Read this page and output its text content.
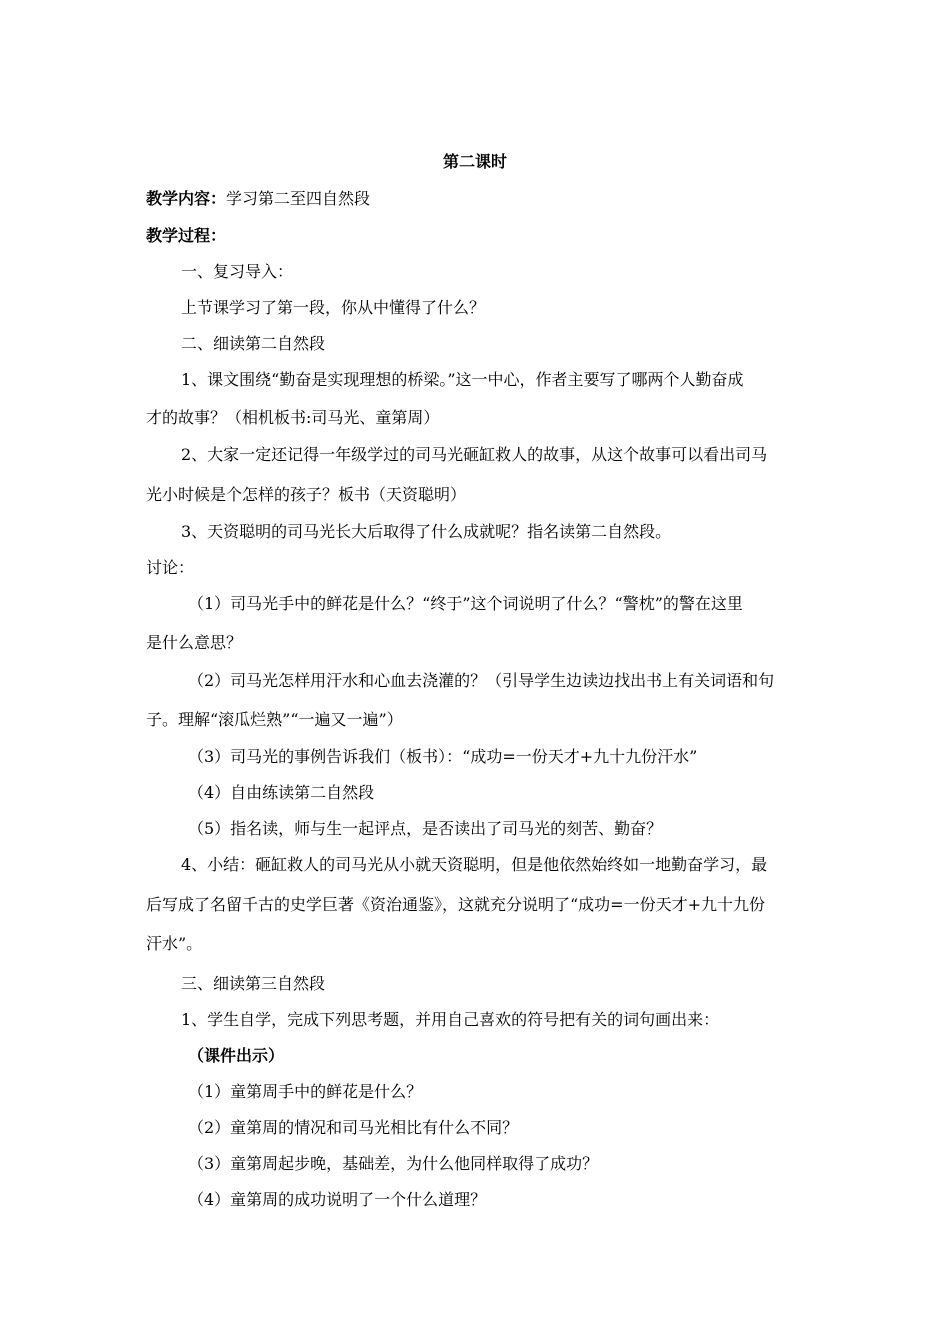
第二课时
教学内容：学习第二至四自然段
教学过程：
一、复习导入：
上节课学习了第一段，你从中懂得了什么？
二、细读第二自然段
1、课文围绕“勤奋是实现理想的桥梁。”这一中心，作者主要写了哪两个人勤奋成
才的故事？（相机板书:司马光、童第周）
2、大家一定还记得一年级学过的司马光砸缸救人的故事，从这个故事可以看出司马
光小时候是个怎样的孩子？板书（天资聪明）
3、天资聪明的司马光长大后取得了什么成就呢？指名读第二自然段。
讨论：
（1）司马光手中的鲜花是什么？“终于”这个词说明了什么？“警枕”的警在这里
是什么意思？
（2）司马光怎样用汗水和心血去浇灌的？（引导学生边读边找出书上有关词语和句
子。理解“滚瓜烂熟”“一遍又一遍”）
（3）司马光的事例告诉我们（板书）：“成功=一份天才+九十九份汗水”
（4）自由练读第二自然段
（5）指名读，师与生一起评点，是否读出了司马光的刻苦、勤奋？
4、小结：砸缸救人的司马光从小就天资聪明，但是他依然始终如一地勤奋学习，最
后写成了名留千古的史学巨著《资治通鉴》，这就充分说明了“成功=一份天才+九十九份
汗水”。
三、细读第三自然段
1、学生自学，完成下列思考题，并用自己喜欢的符号把有关的词句画出来：
（课件出示）
（1）童第周手中的鲜花是什么？
（2）童第周的情况和司马光相比有什么不同？
（3）童第周起步晚，基础差，为什么他同样取得了成功？
（4）童第周的成功说明了一个什么道理？
